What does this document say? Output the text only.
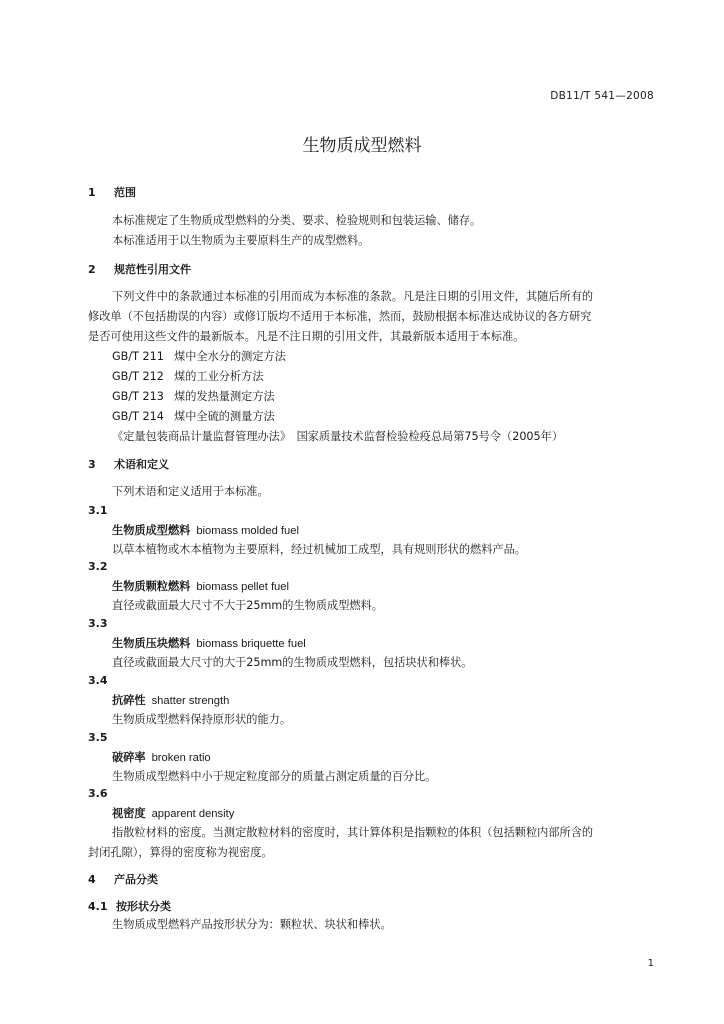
DB11/T 541—2008
生物质成型燃料
1 范围
本标准规定了生物质成型燃料的分类、要求、检验规则和包装运输、储存。
本标准适用于以生物质为主要原料生产的成型燃料。
2 规范性引用文件
下列文件中的条款通过本标准的引用而成为本标准的条款。凡是注日期的引用文件，其随后所有的
修改单（不包括勘误的内容）或修订版均不适用于本标准，然而，鼓励根据本标准达成协议的各方研究
是否可使用这些文件的最新版本。凡是不注日期的引用文件，其最新版本适用于本标准。
GB/T 211 煤中全水分的测定方法
GB/T 212 煤的工业分析方法
GB/T 213 煤的发热量测定方法
GB/T 214 煤中全硫的测量方法
《定量包装商品计量监督管理办法》　国家质量技术监督检验检疫总局第75号令（2005年）
3 术语和定义
下列术语和定义适用于本标准。
3.1
生物质成型燃料 biomass molded fuel
以草本植物或木本植物为主要原料，经过机械加工成型，具有规则形状的燃料产品。
3.2
生物质颗粒燃料 biomass pellet fuel
直径或截面最大尺寸不大于25mm的生物质成型燃料。
3.3
生物质压块燃料 biomass briquette fuel
直径或截面最大尺寸的大于25mm的生物质成型燃料，包括块状和棒状。
3.4
抗碎性 shatter strength
生物质成型燃料保持原形状的能力。
3.5
破碎率 broken ratio
生物质成型燃料中小于规定粒度部分的质量占测定质量的百分比。
3.6
视密度 apparent density
指散粒材料的密度。当测定散粒材料的密度时，其计算体积是指颗粒的体积（包括颗粒内部所含的
封闭孔隙），算得的密度称为视密度。
4 产品分类
4.1 按形状分类
生物质成型燃料产品按形状分为：颗粒状、块状和棒状。
1
